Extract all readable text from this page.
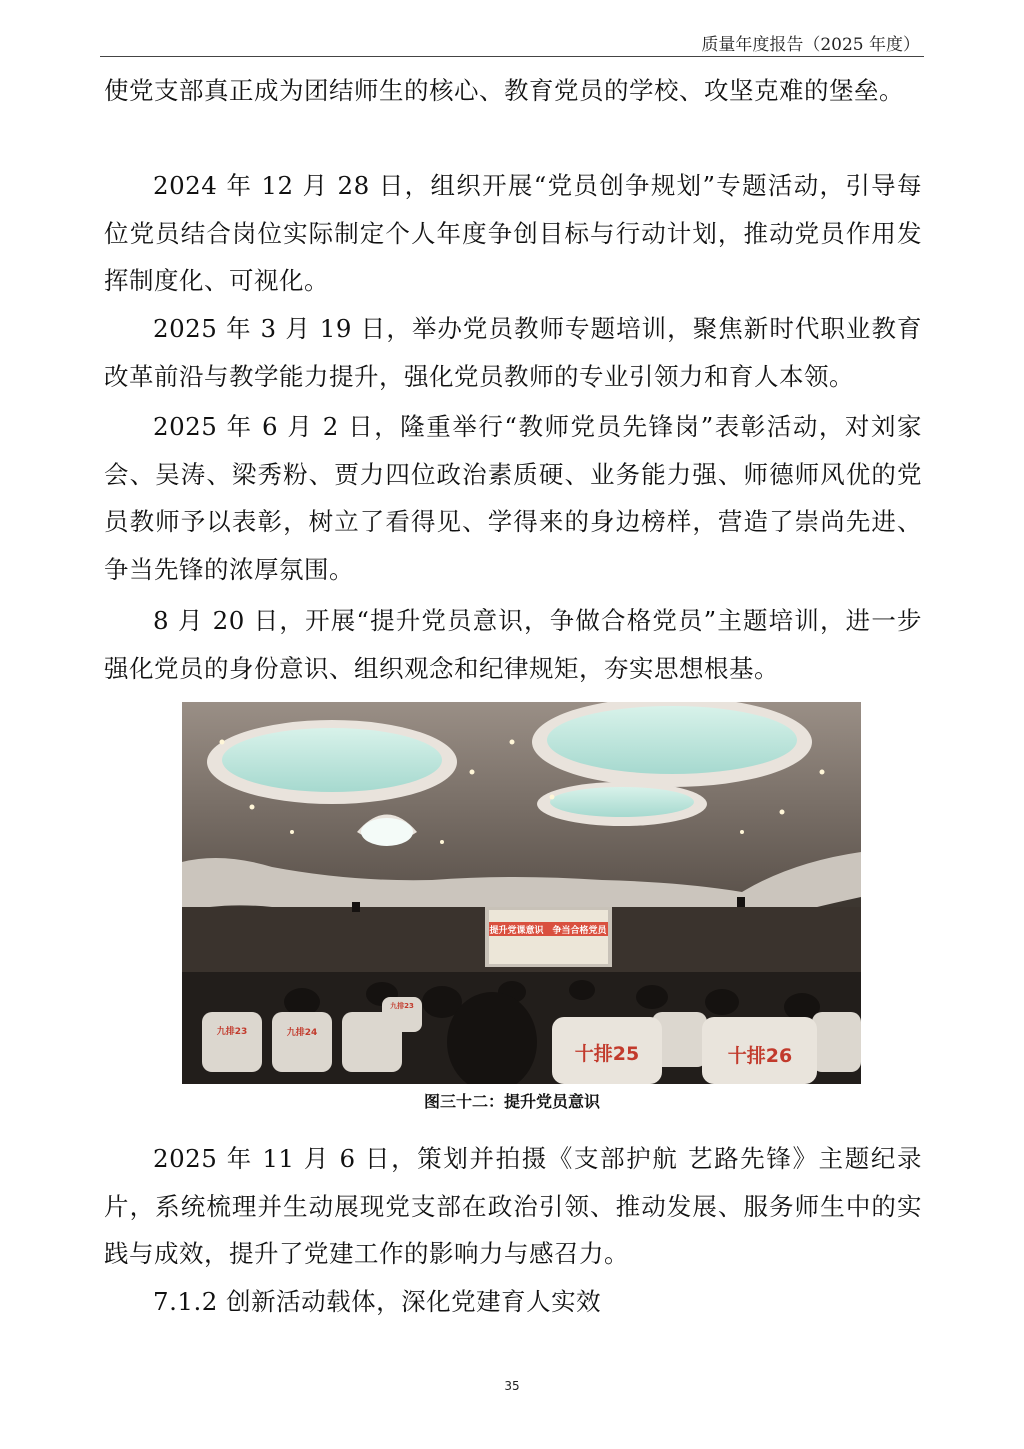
质量年度报告（2025 年度）

使党支部真正成为团结师生的核心、教育党员的学校、攻坚克难的堡垒。

2024 年 12 月 28 日，组织开展“党员创争规划”专题活动，引导每位党员结合岗位实际制定个人年度争创目标与行动计划，推动党员作用发挥制度化、可视化。

2025 年 3 月 19 日，举办党员教师专题培训，聚焦新时代职业教育改革前沿与教学能力提升，强化党员教师的专业引领力和育人本领。

2025 年 6 月 2 日，隆重举行“教师党员先锋岗”表彰活动，对刘家会、吴涛、梁秀粉、贾力四位政治素质硬、业务能力强、师德师风优的党员教师予以表彰，树立了看得见、学得来的身边榜样，营造了崇尚先进、争当先锋的浓厚氛围。

8 月 20 日，开展“提升党员意识，争做合格党员”主题培训，进一步强化党员的身份意识、组织观念和纪律规矩，夯实思想根基。

提升党课意识　争当合格党员
十排25	十排26
九排23	九排24
九排23
图三十二：提升党员意识

2025 年 11 月 6 日，策划并拍摄《支部护航 艺路先锋》主题纪录片，系统梳理并生动展现党支部在政治引领、推动发展、服务师生中的实践与成效，提升了党建工作的影响力与感召力。

7.1.2 创新活动载体，深化党建育人实效

35
